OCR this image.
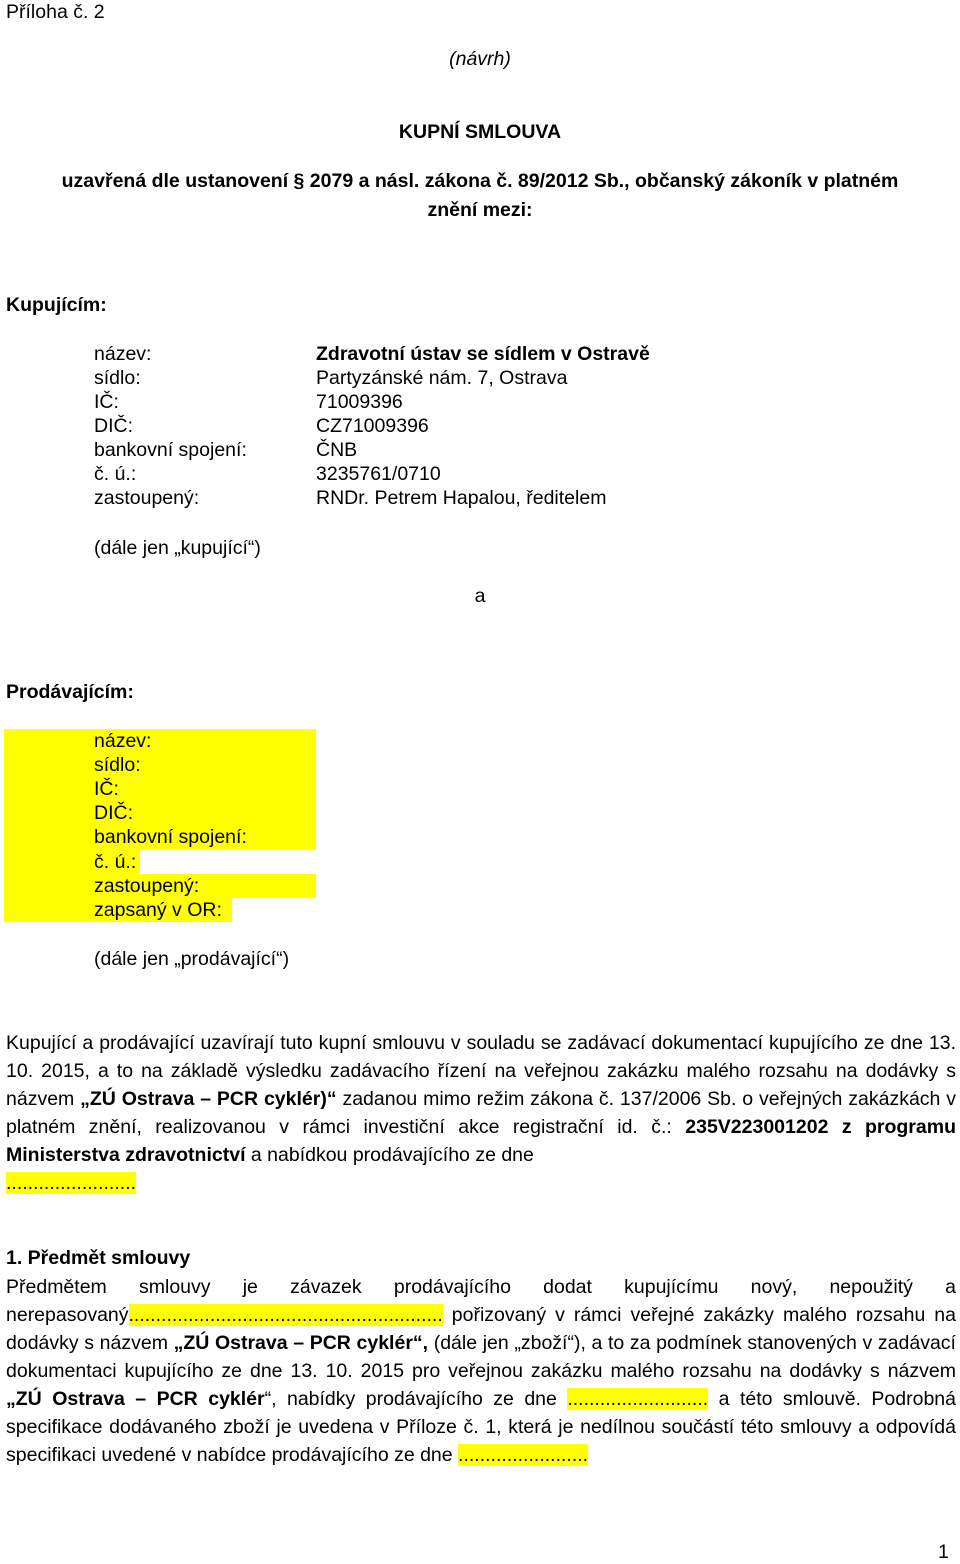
Příloha č. 2
(návrh)
KUPNÍ SMLOUVA
uzavřená dle ustanovení § 2079 a násl. zákona č. 89/2012 Sb., občanský zákoník v platném
znění mezi:
Kupujícím:
název:	Zdravotní ústav se sídlem v Ostravě
sídlo:	Partyzánské nám. 7, Ostrava
IČ:	71009396
DIČ:	CZ71009396
bankovní spojení:	ČNB
č. ú.:	3235761/0710
zastoupený:	RNDr. Petrem Hapalou, ředitelem
(dále jen „kupující“)
a
Prodávajícím:
název:
sídlo:
IČ:
DIČ:
bankovní spojení:
č. ú.:
zastoupený:
zapsaný v OR:
(dále jen „prodávající“)

Kupující a prodávající uzavírají tuto kupní smlouvu v souladu se zadávací dokumentací kupujícího ze dne 13. 10. 2015, a to na základě výsledku zadávacího řízení na veřejnou zakázku malého rozsahu na dodávky s názvem „ZÚ Ostrava – PCR cyklér)“ zadanou mimo režim zákona č. 137/2006 Sb. o veřejných zakázkách v platném znění, realizovanou v rámci investiční akce registrační id. č.: 235V223001202 z programu Ministerstva zdravotnictví a nabídkou prodávajícího ze dne
........................

1. Předmět smlouvy

Předmětem smlouvy je závazek prodávajícího dodat kupujícímu nový, nepoužitý a nerepasovaný.......................................................... pořizovaný v rámci veřejné zakázky malého rozsahu na dodávky s názvem „ZÚ Ostrava – PCR cyklér“, (dále jen „zboží“), a to za podmínek stanovených v zadávací dokumentaci kupujícího ze dne 13. 10. 2015 pro veřejnou zakázku malého rozsahu na dodávky s názvem „ZÚ Ostrava – PCR cyklér“, nabídky prodávajícího ze dne .......................... a této smlouvě. Podrobná specifikace dodávaného zboží je uvedena v Příloze č. 1, která je nedílnou součástí této smlouvy a odpovídá specifikaci uvedené v nabídce prodávajícího ze dne ........................

1
